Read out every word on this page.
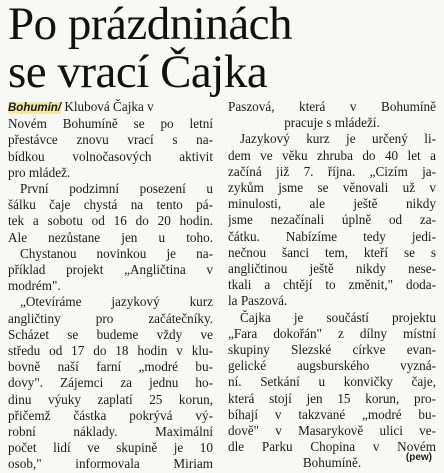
Po prázdninách
se vrací Čajka
Bohumín/ Klubová Čajka v
Novém Bohumíně se po letní
přestávce znovu vrací s na-
bídkou volnočasových aktivit
pro mládež.
První podzimní posezení u
šálku čaje chystá na tento pá-
tek a sobotu od 16 do 20 hodin.
Ale nezůstane jen u toho.
Chystanou novinkou je na-
příklad projekt „Angličtina v
modrém".
„Otevíráme jazykový kurz
angličtiny pro začátečníky.
Scházet se budeme vždy ve
středu od 17 do 18 hodin v klu-
bovně naší farní „modré bu-
dovy". Zájemci za jednu ho-
dinu výuky zaplatí 25 korun,
přičemž částka pokrývá vý-
robní náklady. Maximální
počet lidí ve skupině je 10
osob," informovala Miriam
Paszová, která v Bohumíně
pracuje s mládeží.
Jazykový kurz je určený li-
dem ve věku zhruba do 40 let a
začíná již 7. října. „Cizím ja-
zykům jsme se věnovali už v
minulosti, ale ještě nikdy
jsme nezačínali úplně od za-
čátku. Nabízíme tedy jedi-
nečnou šanci tem, kteří se s
angličtinou ještě nikdy nese-
tkali a chtějí to změnit," doda-
la Paszová.
Čajka je součástí projektu
„Fara dokořán" z dílny místní
skupiny Slezské církve evan-
gelické augsburského vyzná-
ní. Setkání u konvičky čaje,
která stojí jen 15 korun, pro-
bíhají v takzvané „modré bu-
dově" v Masarykově ulici ve-
dle Parku Chopina v Novém
Bohumíně.	(pew)
